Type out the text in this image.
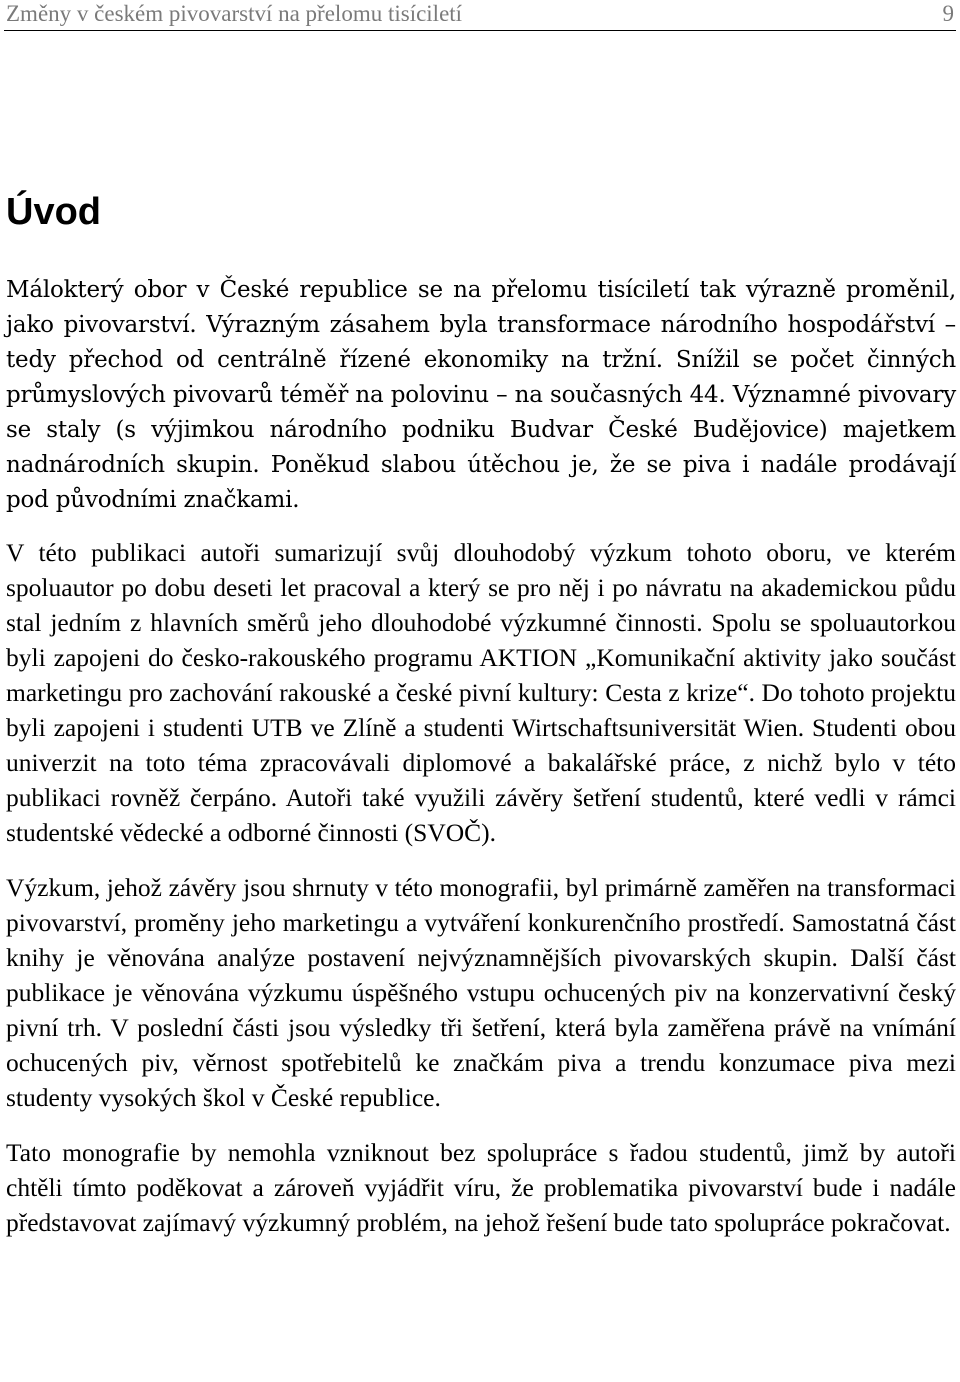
Změny v českém pivovarství na přelomu tisíciletí	9
Úvod

Málokterý obor v České republice se na přelomu tisíciletí tak výrazně proměnil, jako pivovarství. Výrazným zásahem byla transformace národního hospodářství – tedy přechod od centrálně řízené ekonomiky na tržní. Snížil se počet činných průmyslových pivovarů téměř na polovinu – na současných 44. Významné pivovary se staly (s výjimkou národního podniku Budvar České Budějovice) majetkem nadnárodních skupin. Poněkud slabou útěchou je, že se piva i nadále prodávají pod původními značkami.

V této publikaci autoři sumarizují svůj dlouhodobý výzkum tohoto oboru, ve kterém spoluautor po dobu deseti let pracoval a který se pro něj i po návratu na akademickou půdu stal jedním z hlavních směrů jeho dlouhodobé výzkumné činnosti. Spolu se spoluautorkou byli zapojeni do česko-rakouského programu AKTION „Komunikační aktivity jako součást marketingu pro zachování rakouské a české pivní kultury: Cesta z krize“. Do tohoto projektu byli zapojeni i studenti UTB ve Zlíně a studenti Wirtschaftsuniversität Wien. Studenti obou univerzit na toto téma zpracovávali diplomové a bakalářské práce, z nichž bylo v této publikaci rovněž čerpáno. Autoři také využili závěry šetření studentů, které vedli v rámci studentské vědecké a odborné činnosti (SVOČ).

Výzkum, jehož závěry jsou shrnuty v této monografii, byl primárně zaměřen na transformaci pivovarství, proměny jeho marketingu a vytváření konkurenčního prostředí. Samostatná část knihy je věnována analýze postavení nejvýznamnějších pivovarských skupin. Další část publikace je věnována výzkumu úspěšného vstupu ochucených piv na konzervativní český pivní trh. V poslední části jsou výsledky tři šetření, která byla zaměřena právě na vnímání ochucených piv, věrnost spotřebitelů ke značkám piva a trendu konzumace piva mezi studenty vysokých škol v České republice.

Tato monografie by nemohla vzniknout bez spolupráce s řadou studentů, jimž by autoři chtěli tímto poděkovat a zároveň vyjádřit víru, že problematika pivovarství bude i nadále představovat zajímavý výzkumný problém, na jehož řešení bude tato spolupráce pokračovat.
